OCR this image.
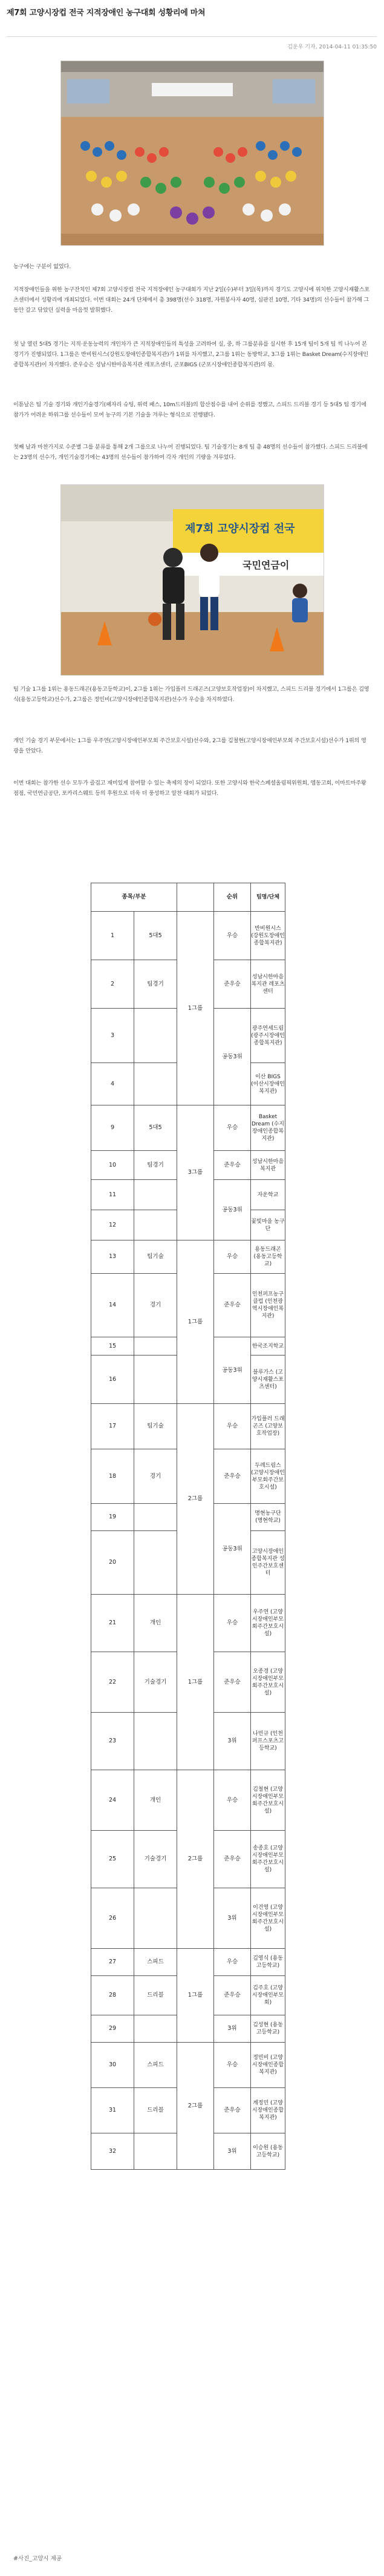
제7회 고양시장컵 전국 지적장애인 농구대회 성황리에 마쳐
김운우 기자, 2014-04-11 01:35:50
농구에는 구분이 없었다.
지적장애인들을 위한 농구잔치인 제7회 고양시장컵 전국 지적장애인 농구대회가 지난 2일(수)부터 3일(목)까지 경기도 고양시에 위치한 고양시재활스포츠센터에서 성황리에 개최되었다. 이번 대회는 24개 단체에서 총 398명(선수 318명, 자원봉사자 40명, 심판진 10명, 기타 34명)의 선수들이 참가해 그동안 갈고 닦았던 실력을 마음껏 발휘했다.
첫 날 열린 5대5 경기는 지적·운동능력의 개인차가 큰 지적장애인들의 특성을 고려하여 실, 중, 하 그룹분류를 실시한 후 15개 팀이 5개 팀 씩 나누어 본경기가 진행되었다. 1그룹은 반비원시스(강원도장애인종합복지관)가 1위를 차지했고, 2그룹 1위는 동방학교, 3그룹 1위는 Basket Dream(수지장애인종합복지관)이 차지했다. 준우승은 성남시한마음복지관 레포츠센터, 군포BIGS (군포시장애인종합복지관)의 몫.
이튿날은 팀 기술 경기와 개인기술경기(패자리 슈팅, 위력 패스, 10m드리블)의 합산점수를 내어 순위를 정했고, 스피드 드리블 경기 등 5대5 팀 경기에 참가가 어려운 하위그룹 선수들이 모여 농구의 기본 기술을 겨루는 형식으로 진행됐다.
첫째 날과 마찬가지로 수준별 그룹 분류를 통해 2개 그룹으로 나누어 진행되었다. 팀 기술경기는 8개 팀 총 48명의 선수들이 참가했다. 스피드 드리블에는 23명의 선수가, 개인기술경기에는 43명의 선수들이 참가하여 각자 개인의 기량을 겨루었다.
제7회 고양시장컵 전국
국민연금이
팀 기술 1그룹 1위는 용동드래곤(용동고등학교)이, 2그룹 1위는 가입플러 드래곤즈(고양보호작업장)이 차지했고, 스피드 드리블 경기에서 1그룹은 김영식(용동고등학교)선수가, 2그룹은 정민비(고양시장애인종합복지관)선수가 우승을 차지하였다.
개인 기술 경기 부문에서는 1그룹 우주연(고양시장애인부모회 주간보호시설)선수와, 2그룹 김철현(고양시장애인부모회 주간보호시설)선수가 1위의 영광을 안았다.
이번 대회는 참가한 선수 모두가 즐겁고 재미있게 참여할 수 있는 축제의 장이 되었다. 또한 고양시와 한국스페셜올림픽위원회, 엠동고회, 이마트마주왕점점, 국민연금공단, 포카리스웨트 등의 후원으로 더욱 더 풍성하고 알찬 대회가 되었다.
종목/부분			순위	팀명/단체
1	5대5	1그룹	우승	반비원시스 (강원도장애인종합복지관)
2	팀경기		준우승	성남시한마음복지관 레포츠센터
3			공동3위	광주연세드림 (광주시장애인종합복지관)
4				이산 BIGS (이산시장애인복지관)
9	5대5	3그룹	우승	Basket Dream (수지장애인종합복지관)
10	팀경기		준우승	성남시한마음복지관
11			공동3위	자운학교
12				꽃빛마을 농구단
13	팀기술	1그룹	우승	용동드래곤 (용동고등학교)
14	경기		준우승	인천퍼프농구클럽 (인천광역시장애인복지관)
15			공동3위	한국조지학교
16				블루가스 (고양시재활스포츠센터)
17	팀기술	2그룹	우승	가입플러 드래곤즈 (고양보호작업장)
18	경기		준우승	두레드림스 (고양시장애인부모회주간보호시설)
19			공동3위	명현농구단 (명현학교)
20				고양시장애인종합복지관 성인주간보호센터
21	개인	1그룹	우승	우주연 (고양시장애인부모회주간보호시설)
22	기술경기		준우승	오종경 (고양시장애인부모회주간보호시설)
23			3위	나민규 (인천퍼프스포츠고등학교)
24	개인	2그룹	우승	김철현 (고양시장애인부모회주간보호시설)
25	기술경기		준우승	송종호 (고양시장애인부모회주간보호시설)
26			3위	이건영 (고양시장애인부모회주간보호시설)
27	스피드	1그룹	우승	김영식 (용동고등학교)
28	드리블		준우승	김주호 (고양시장애인부모회)
29			3위	김성현 (용동고등학교)
30	스피드	2그룹	우승	정민비 (고양시장애인종합복지관)
31	드리블		준우승	계정민 (고양시장애인종합복지관)
32			3위	이승원 (용동고등학교)
#사진_고양시 제공
